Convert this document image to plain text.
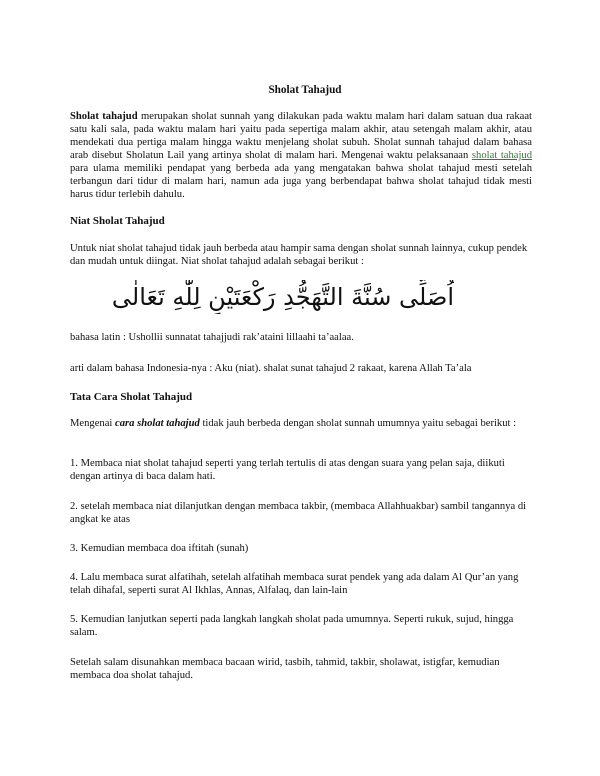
Sholat Tahajud

Sholat tahajud merupakan sholat sunnah yang dilakukan pada waktu malam hari dalam satuan dua rakaat satu kali sala, pada waktu malam hari yaitu pada sepertiga malam akhir, atau setengah malam akhir, atau mendekati dua pertiga malam hingga waktu menjelang sholat subuh. Sholat sunnah tahajud dalam bahasa arab disebut Sholatun Lail yang artinya sholat di malam hari. Mengenai waktu pelaksanaan sholat tahajud para ulama memiliki pendapat yang berbeda ada yang mengatakan bahwa sholat tahajud mesti setelah terbangun dari tidur di malam hari, namun ada juga yang berbendapat bahwa sholat tahajud tidak mesti harus tidur terlebih dahulu.

Niat Sholat Tahajud

Untuk niat sholat tahajud tidak jauh berbeda atau hampir sama dengan sholat sunnah lainnya, cukup pendek dan mudah untuk diingat. Niat sholat tahajud adalah sebagai berikut :

اُصَلِّى سُنَّةَ التَّهَجُّدِ رَكْعَتَيْنِ لِلّٰهِ تَعَالٰى

bahasa latin : Ushollii sunnatat tahajjudi rak’ataini lillaahi ta’aalaa.

arti dalam bahasa Indonesia-nya : Aku (niat). shalat sunat tahajud 2 rakaat, karena Allah Ta’ala

Tata Cara Sholat Tahajud

Mengenai cara sholat tahajud tidak jauh berbeda dengan sholat sunnah umumnya yaitu sebagai berikut :

1. Membaca niat sholat tahajud seperti yang terlah tertulis di atas dengan suara yang pelan saja, diikuti dengan artinya di baca dalam hati.

2. setelah membaca niat dilanjutkan dengan membaca takbir, (membaca Allahhuakbar) sambil tangannya di angkat ke atas

3. Kemudian membaca doa iftitah (sunah)

4. Lalu membaca surat alfatihah, setelah alfatihah membaca surat pendek yang ada dalam Al Qur’an yang telah dihafal, seperti surat Al Ikhlas, Annas, Alfalaq, dan lain-lain

5. Kemudian lanjutkan seperti pada langkah langkah sholat pada umumnya. Seperti rukuk, sujud, hingga salam.

Setelah salam disunahkan membaca bacaan wirid, tasbih, tahmid, takbir, sholawat, istigfar, kemudian membaca doa sholat tahajud.
